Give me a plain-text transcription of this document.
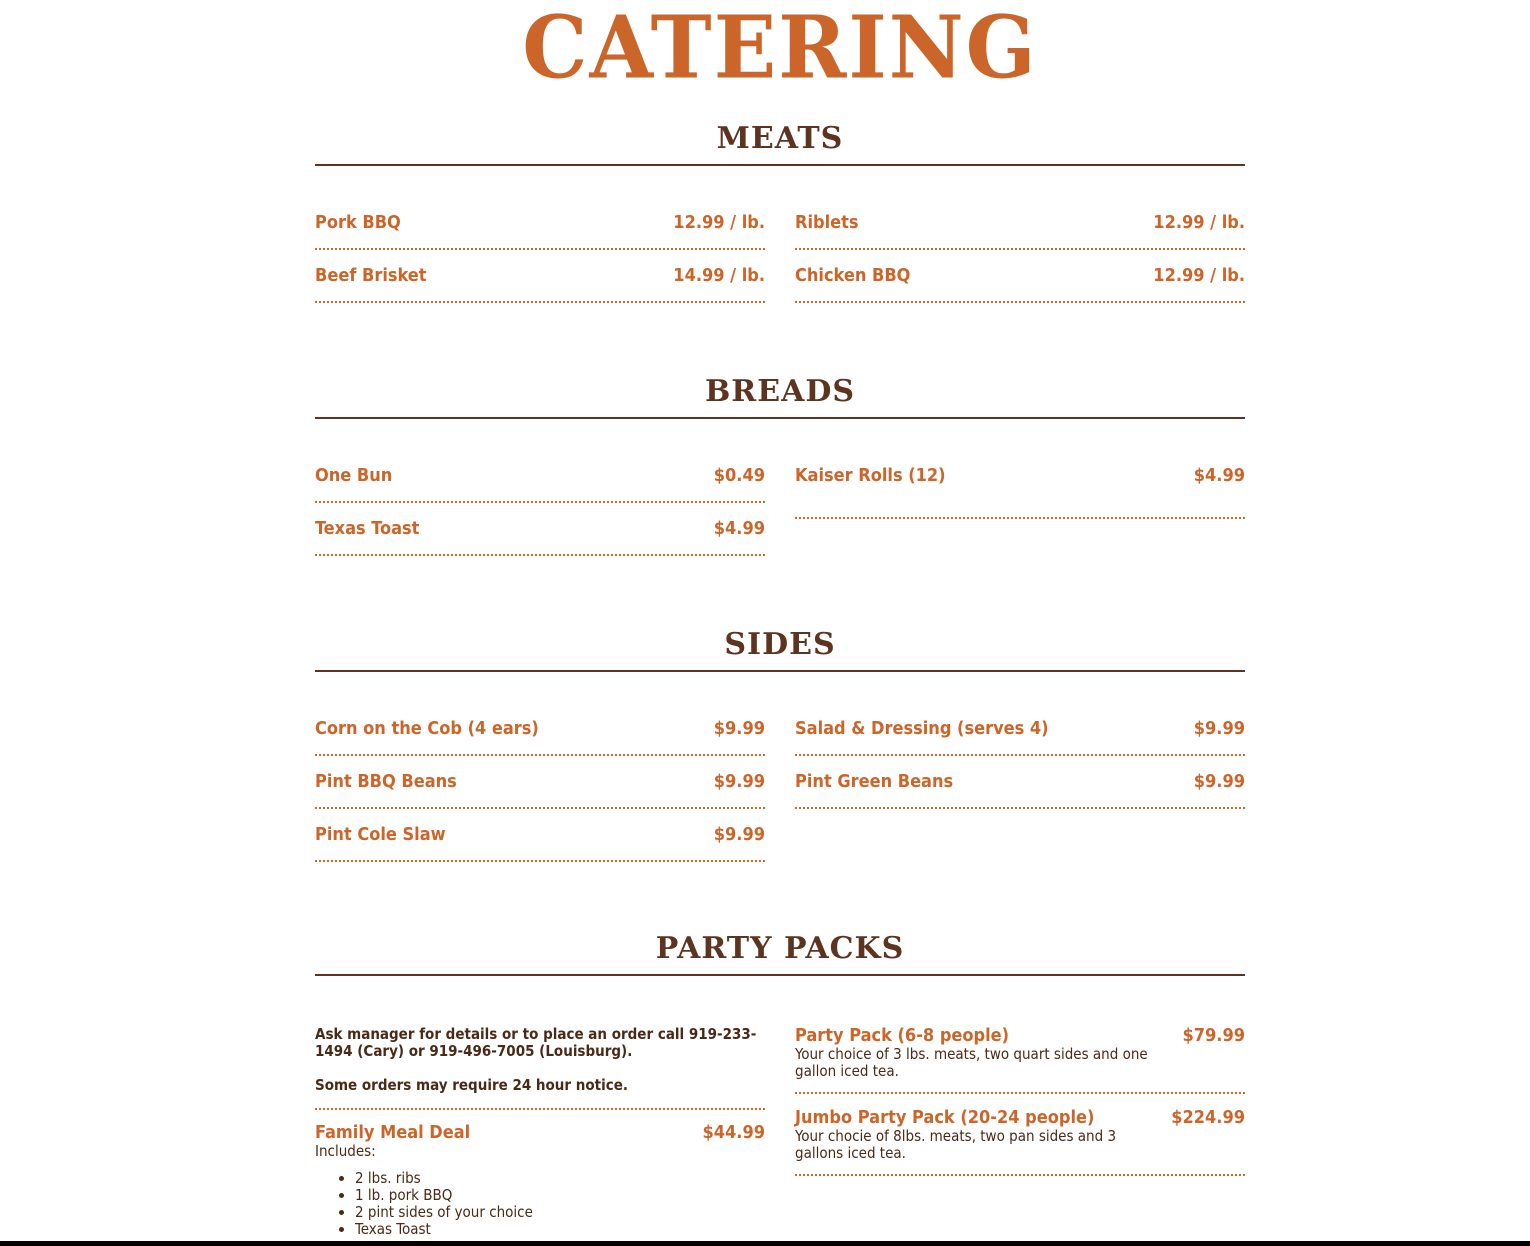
CATERING
MEATS
Pork BBQ	12.99 / lb.
Beef Brisket	14.99 / lb.
Riblets	12.99 / lb.
Chicken BBQ	12.99 / lb.
BREADS
One Bun	$0.49
Texas Toast	$4.99
Kaiser Rolls (12)	$4.99
SIDES
Corn on the Cob (4 ears)	$9.99
Pint BBQ Beans	$9.99
Pint Cole Slaw	$9.99
Salad & Dressing (serves 4)	$9.99
Pint Green Beans	$9.99
PARTY PACKS

Ask manager for details or to place an order call 919-233-1494 (Cary) or 919-496-7005 (Louisburg).

Some orders may require 24 hour notice.

Family Meal Deal	$44.99
Includes:
• 2 lbs. ribs
• 1 lb. pork BBQ
• 2 pint sides of your choice
• Texas Toast
Party Pack (6-8 people)	$79.99
Your choice of 3 lbs. meats, two quart sides and one gallon iced tea.
Jumbo Party Pack (20-24 people)	$224.99
Your chocie of 8lbs. meats, two pan sides and 3 gallons iced tea.
